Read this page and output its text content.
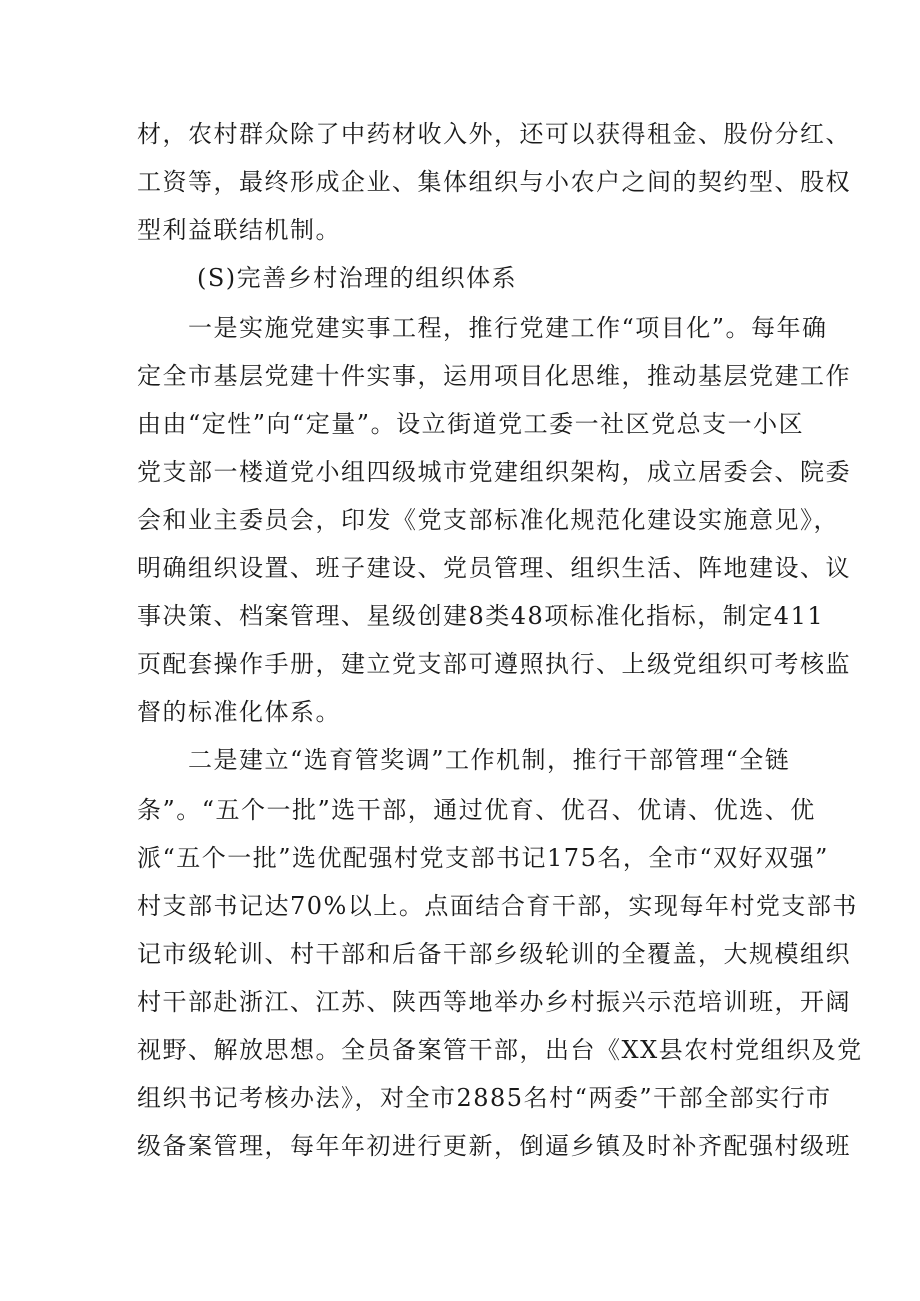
材，农村群众除了中药材收入外，还可以获得租金、股份分红、
工资等，最终形成企业、集体组织与小农户之间的契约型、股权
型利益联结机制。
(S)完善乡村治理的组织体系
一是实施党建实事工程，推行党建工作“项目化”。每年确
定全市基层党建十件实事，运用项目化思维，推动基层党建工作
由由“定性”向“定量”。设立街道党工委一社区党总支一小区
党支部一楼道党小组四级城市党建组织架构，成立居委会、院委
会和业主委员会，印发《党支部标准化规范化建设实施意见》，
明确组织设置、班子建设、党员管理、组织生活、阵地建设、议
事决策、档案管理、星级创建8类48项标准化指标，制定411
页配套操作手册，建立党支部可遵照执行、上级党组织可考核监
督的标准化体系。
二是建立“选育管奖调”工作机制，推行干部管理“全链
条”。“五个一批”选干部，通过优育、优召、优请、优选、优
派“五个一批”选优配强村党支部书记175名，全市“双好双强”
村支部书记达70%以上。点面结合育干部，实现每年村党支部书
记市级轮训、村干部和后备干部乡级轮训的全覆盖，大规模组织
村干部赴浙江、江苏、陕西等地举办乡村振兴示范培训班，开阔
视野、解放思想。全员备案管干部，出台《XX县农村党组织及党
组织书记考核办法》，对全市2885名村“两委”干部全部实行市
级备案管理，每年年初进行更新，倒逼乡镇及时补齐配强村级班
